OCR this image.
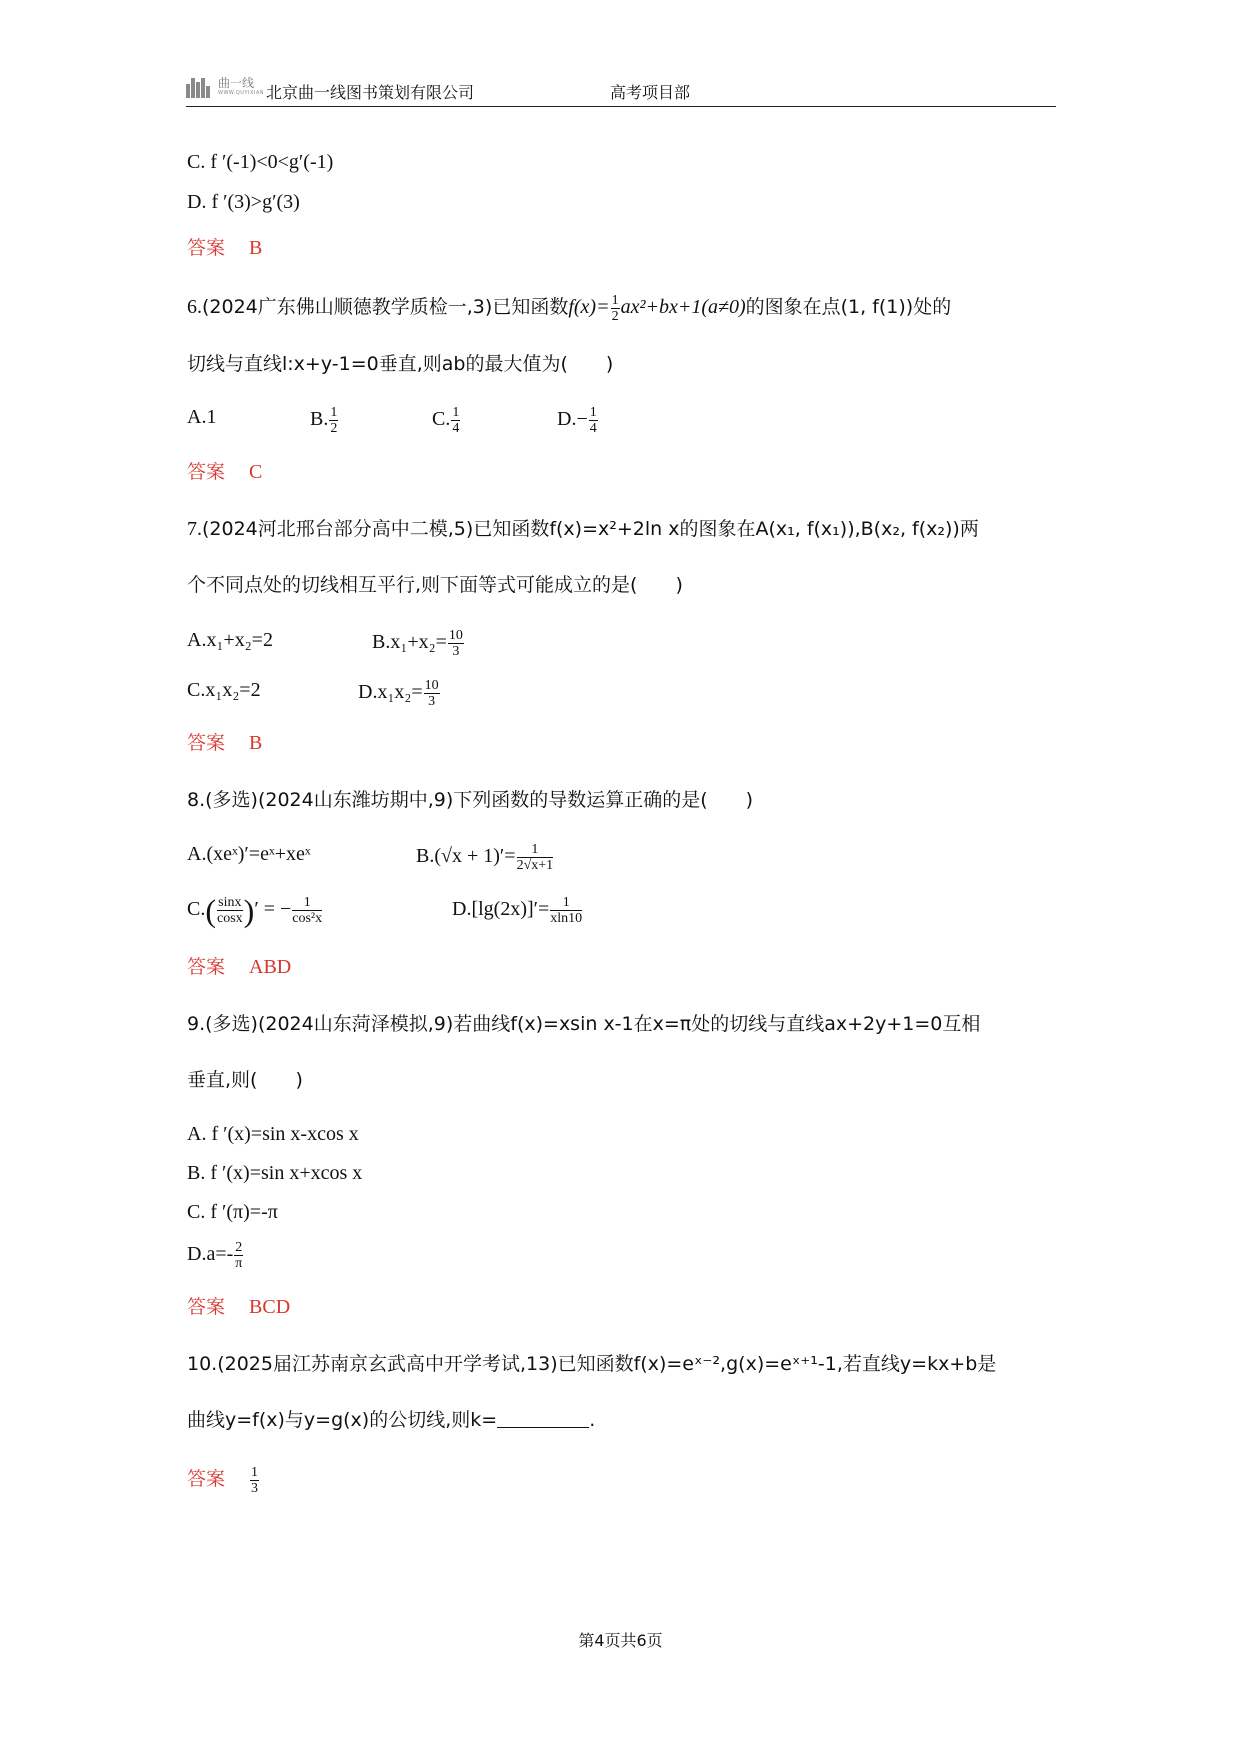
曲一线
WWW.QUYIXIAN 北京曲一线图书策划有限公司	高考项目部
C. f ′(-1)<0<g′(-1)
D. f ′(3)>g′(3)
答案 B
6.(2024广东佛山顺德教学质检一,3)已知函数$f(x)= \frac{1}{2} ax^2+bx+1(a\ne 0)$的图象在点(1, f(1))处的
切线与直线l:x+y-1=0垂直,则ab的最大值为(　　)
A.1	B. $\frac{1}{2}$	C. $\frac{1}{4}$	$D.- \frac{1}{4}$
答案 C
7.(2024河北邢台部分高中二模,5)已知函数f(x)=x²+2ln x的图象在A(x₁, f(x₁)),B(x₂, f(x₂))两
个不同点处的切线相互平行,则下面等式可能成立的是(　　)
A.x₁+x₂=2	$B.x_1+x_2= \frac{10}{3}$
C.x₁x₂=2	$D.x_1x_2= \frac{10}{3}$
答案 B
8.(多选)(2024山东潍坊期中,9)下列函数的导数运算正确的是(　　)
A.(xeˣ)′=eˣ+xeˣ	$B.(√x + 1)'= \frac{1}{2√x+1}$
$C.( \frac{\sin x}{\cos x}$ )′ = − $\frac{1}{\text{cos²x}}$	$D.[\lg(2x)]'= \frac{1}{xln10}$
答案 ABD
9.(多选)(2024山东菏泽模拟,9)若曲线f(x)=xsin x-1在x=π处的切线与直线ax+2y+1=0互相
垂直,则(　　)
A. f ′(x)=sin x-xcos x
B. f ′(x)=sin x+xcos x
C. f ′(π)=-π
$D.a=- \frac{2}{\pi}$
答案 BCD
10.(2025届江苏南京玄武高中开学考试,13)已知函数f(x)=eˣ⁻²,g(x)=eˣ⁺¹-1,若直线y=kx+b是
曲线y=f(x)与y=g(x)的公切线,则k=	.
答案 $\frac{1}{3}$
第4页共6页
